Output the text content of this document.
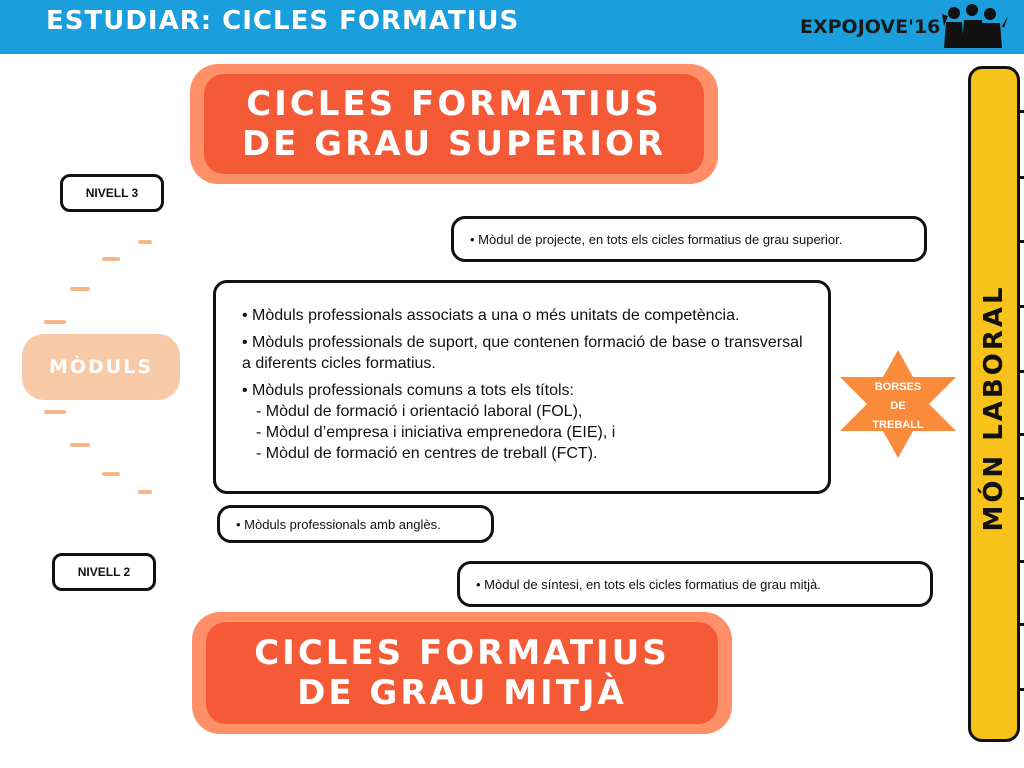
ESTUDIAR: CICLES FORMATIUS	EXPOJOVE'16
CICLES FORMATIUS
DE GRAU SUPERIOR
NIVELL 3
• Mòdul de projecte, en tots els cicles formatius de grau superior.
MÒDULS

• Mòduls professionals associats a una o més unitats de competència.

• Mòduls professionals de suport, que contenen formació de base o transversal a diferents cicles formatius.

• Mòduls professionals comuns a tots els títols:

- Mòdul de formació i orientació laboral (FOL),
- Mòdul d’empresa i iniciativa emprenedora (EIE), i
- Mòdul de formació en centres de treball (FCT).
BORSES
DE
TREBALL
• Mòduls professionals amb anglès.
NIVELL 2
• Mòdul de síntesi, en tots els cicles formatius de grau mitjà.
CICLES FORMATIUS
DE GRAU MITJÀ
MÓN LABORAL
